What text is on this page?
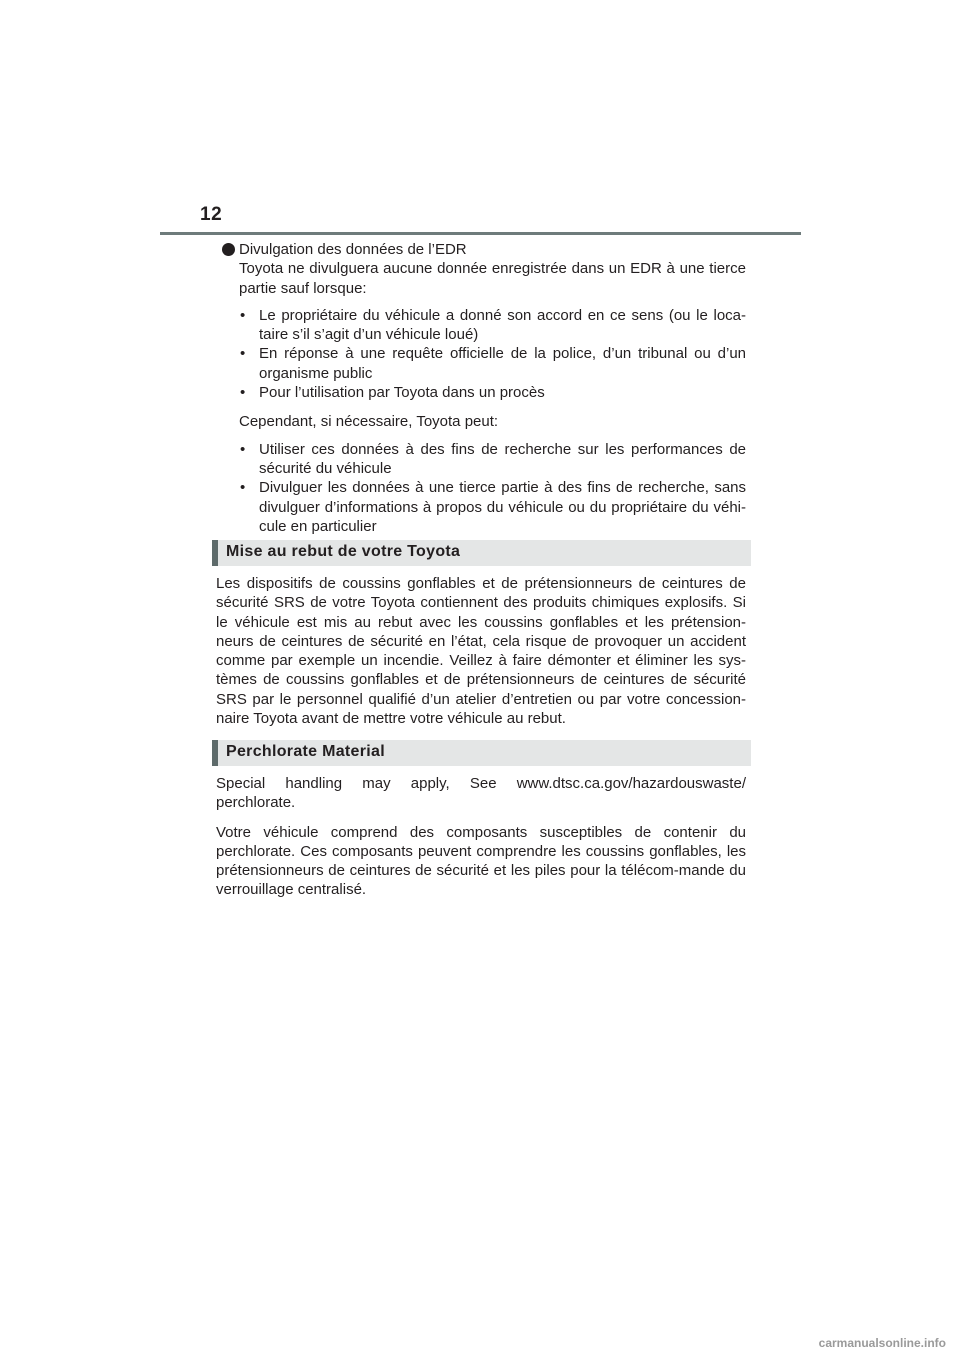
12

Divulgation des données de l’EDR

Toyota ne divulguera aucune donnée enregistrée dans un EDR à une tierce partie sauf lorsque:

• Le propriétaire du véhicule a donné son accord en ce sens (ou le loca-taire s’il s’agit d’un véhicule loué)
• En réponse à une requête officielle de la police, d’un tribunal ou d’un organisme public
• Pour l’utilisation par Toyota dans un procès

Cependant, si nécessaire, Toyota peut:

• Utiliser ces données à des fins de recherche sur les performances de sécurité du véhicule
• Divulguer les données à une tierce partie à des fins de recherche, sans divulguer d’informations à propos du véhicule ou du propriétaire du véhi-cule en particulier
Mise au rebut de votre Toyota

Les dispositifs de coussins gonflables et de prétensionneurs de ceintures de sécurité SRS de votre Toyota contiennent des produits chimiques explosifs. Si le véhicule est mis au rebut avec les coussins gonflables et les prétension-neurs de ceintures de sécurité en l’état, cela risque de provoquer un accident comme par exemple un incendie. Veillez à faire démonter et éliminer les sys-tèmes de coussins gonflables et de prétensionneurs de ceintures de sécurité SRS par le personnel qualifié d’un atelier d’entretien ou par votre concession-naire Toyota avant de mettre votre véhicule au rebut.

Perchlorate Material

Special handling may apply, See www.dtsc.ca.gov/hazardouswaste/

perchlorate.

Votre véhicule comprend des composants susceptibles de contenir du perchlorate. Ces composants peuvent comprendre les coussins gonflables, les prétensionneurs de ceintures de sécurité et les piles pour la télécom-mande du verrouillage centralisé.

carmanualsonline.info
